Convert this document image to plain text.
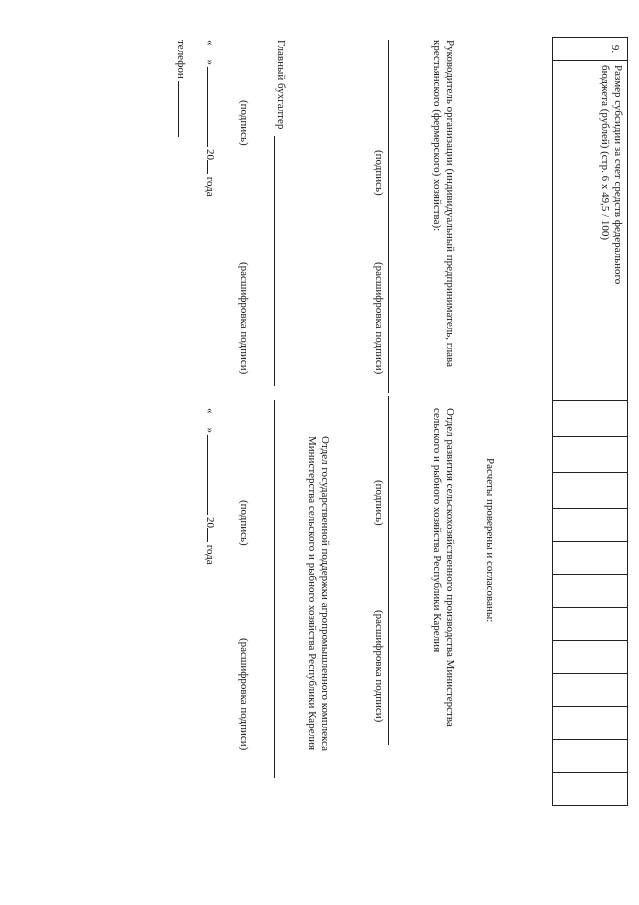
9.	Размер субсидии за счет средств федерального
бюджета (рублей) (стр. 6 х 49,5 / 100)												
Расчеты проверены и согласованы:
Руководитель организации (индивидуальный предприниматель, глава
крестьянского (фермерского) хозяйства):
(подпись)
(расшифровка подписи)
Отдел развития сельскохозяйственного производства Министерства
сельского и рыбного хозяйства Республики Карелия
(подпись)
(расшифровка подписи)
Главный бухгалтер
(подпись)
(расшифровка подписи)
Отдел государственной поддержки агропромышленного комплекса
Министерства сельского и рыбного хозяйства Республики Карелия
(подпись)
(расшифровка подписи)
«»20 года
«»20 года
телефон
